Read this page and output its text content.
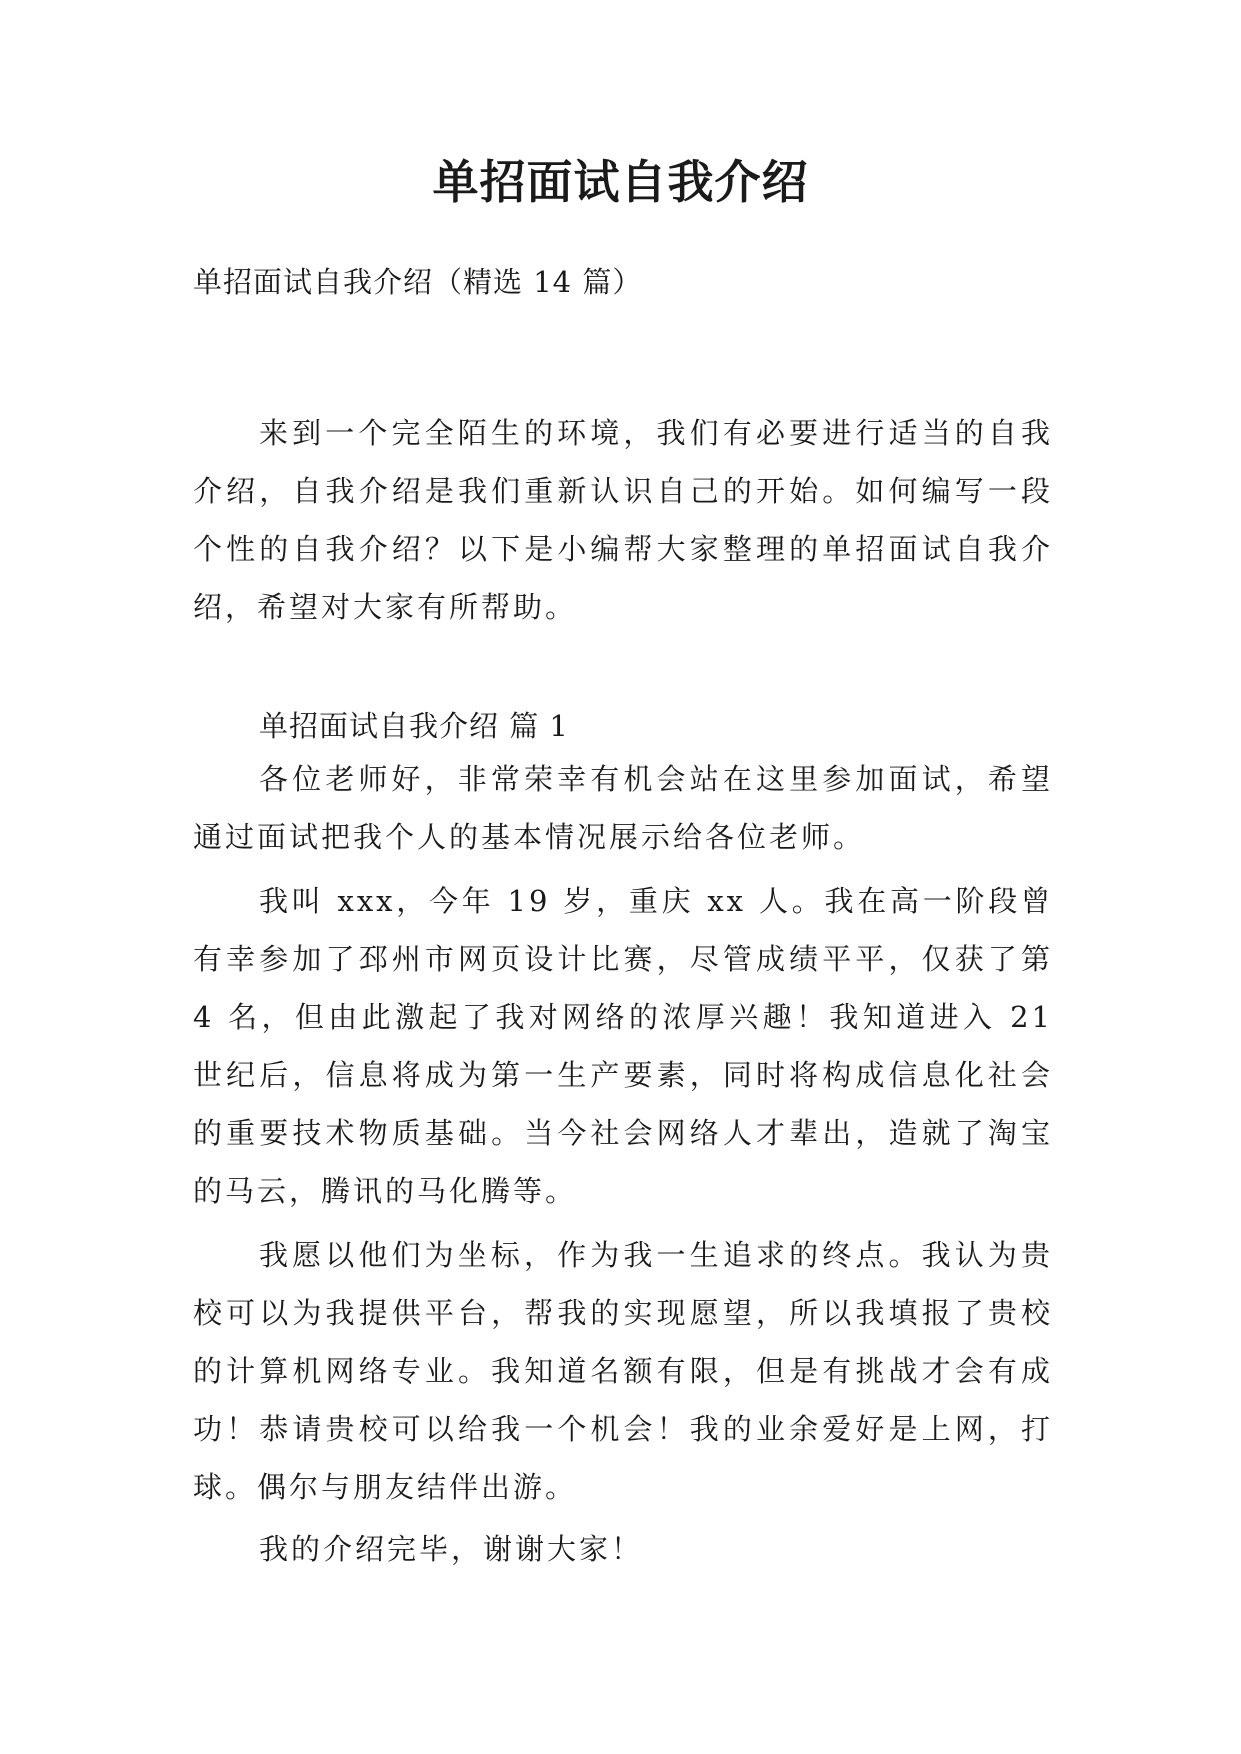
单招面试自我介绍
单招面试自我介绍（精选 14 篇）
来到一个完全陌生的环境，我们有必要进行适当的自我介绍，自我介绍是我们重新认识自己的开始。如何编写一段个性的自我介绍？以下是小编帮大家整理的单招面试自我介绍，希望对大家有所帮助。
单招面试自我介绍 篇 1
各位老师好，非常荣幸有机会站在这里参加面试，希望通过面试把我个人的基本情况展示给各位老师。
我叫 xxx，今年 19 岁，重庆 xx 人。我在高一阶段曾有幸参加了邳州市网页设计比赛，尽管成绩平平，仅获了第 4 名，但由此激起了我对网络的浓厚兴趣！我知道进入 21 世纪后，信息将成为第一生产要素，同时将构成信息化社会的重要技术物质基础。当今社会网络人才辈出，造就了淘宝的马云，腾讯的马化腾等。
我愿以他们为坐标，作为我一生追求的终点。我认为贵校可以为我提供平台，帮我的实现愿望，所以我填报了贵校的计算机网络专业。我知道名额有限，但是有挑战才会有成功！恭请贵校可以给我一个机会！我的业余爱好是上网，打球。偶尔与朋友结伴出游。
我的介绍完毕，谢谢大家！
